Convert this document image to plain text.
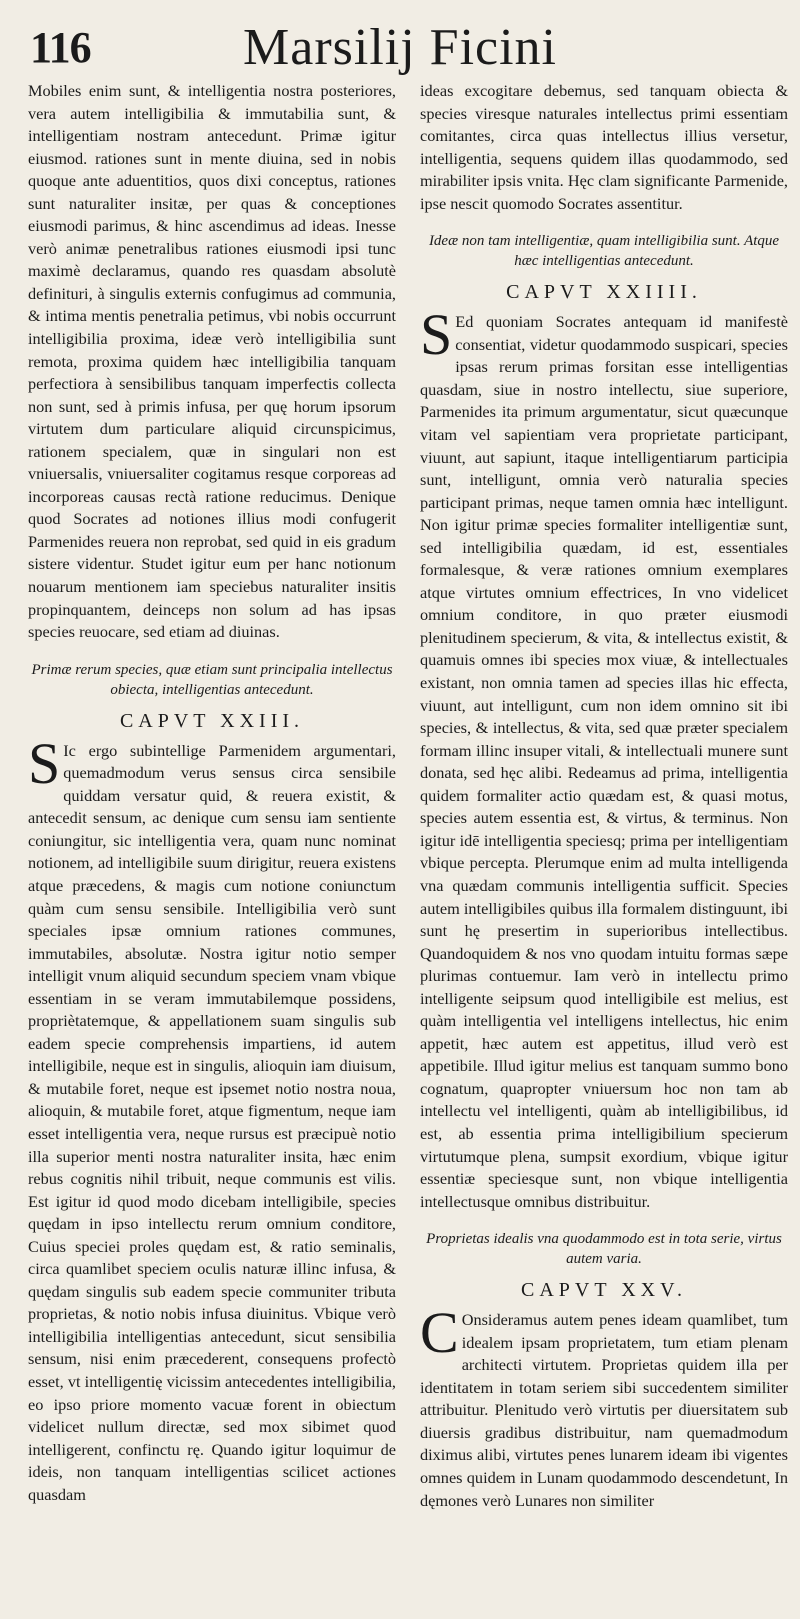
116	Marsilij Ficini

Mobiles enim sunt, & intelligentia nostra posteriores, vera autem intelligibilia & immutabilia sunt, & intelligentiam nostram antecedunt. Primæ igitur eiusmod. rationes sunt in mente diuina, sed in nobis quoque ante aduentitios, quos dixi conceptus, rationes sunt naturaliter insitæ, per quas & conceptiones eiusmodi parimus, & hinc ascendimus ad ideas. Inesse verò animæ penetralibus rationes eiusmodi ipsi tunc maximè declaramus, quando res quasdam absolutè definituri, à singulis externis confugimus ad communia, & intima mentis penetralia petimus, vbi nobis occurrunt intelligibilia proxima, ideæ verò intelligibilia sunt remota, proxima quidem hæc intelligibilia tanquam perfectiora à sensibilibus tanquam imperfectis collecta non sunt, sed à primis infusa, per quę horum ipsorum virtutem dum particulare aliquid circunspicimus, rationem specialem, quæ in singulari non est vniuersalis, vniuersaliter cogitamus resque corporeas ad incorporeas causas rectà ratione reducimus. Denique quod Socrates ad notiones illius modi confugerit Parmenides reuera non reprobat, sed quid in eis gradum sistere videntur. Studet igitur eum per hanc notionum nouarum mentionem iam speciebus naturaliter insitis propinquantem, deinceps non solum ad has ipsas species reuocare, sed etiam ad diuinas.

Primæ rerum species, quæ etiam sunt principalia intellectus obiecta, intelligentias antecedunt.
CAPVT XXIII.

S Ic ergo subintellige Parmenidem argumentari, quemadmodum verus sensus circa sensibile quiddam versatur quid, & reuera existit, & antecedit sensum, ac denique cum sensu iam sentiente coniungitur, sic intelligentia vera, quam nunc nominat notionem, ad intelligibile suum dirigitur, reuera existens atque præcedens, & magis cum notione coniunctum quàm cum sensu sensibile. Intelligibilia verò sunt speciales ipsæ omnium rationes communes, immutabiles, absolutæ. Nostra igitur notio semper intelligit vnum aliquid secundum speciem vnam vbique essentiam in se veram immutabilemque possidens, propriètatemque, & appellationem suam singulis sub eadem specie comprehensis impartiens, id autem intelligibile, neque est in singulis, alioquin iam diuisum, & mutabile foret, neque est ipsemet notio nostra noua, alioquin, & mutabile foret, atque figmentum, neque iam esset intelligentia vera, neque rursus est præcipuè notio illa superior menti nostra naturaliter insita, hæc enim rebus cognitis nihil tribuit, neque communis est vilis. Est igitur id quod modo dicebam intelligibile, species quędam in ipso intellectu rerum omnium conditore, Cuius speciei proles quędam est, & ratio seminalis, circa quamlibet speciem oculis naturæ illinc infusa, & quędam singulis sub eadem specie communiter tributa proprietas, & notio nobis infusa diuinitus. Vbique verò intelligibilia intelligentias antecedunt, sicut sensibilia sensum, nisi enim præcederent, consequens profectò esset, vt intelligentię vicissim antecedentes intelligibilia, eo ipso priore momento vacuæ forent in obiectum videlicet nullum directæ, sed mox sibimet quod intelligerent, confinctu rę. Quando igitur loquimur de ideis, non tanquam intelligentias scilicet actiones quasdam

ideas excogitare debemus, sed tanquam obiecta & species viresque naturales intellectus primi essentiam comitantes, circa quas intellectus illius versetur, intelligentia, sequens quidem illas quodammodo, sed mirabiliter ipsis vnita. Hęc clam significante Parmenide, ipse nescit quomodo Socrates assentitur.

Ideæ non tam intelligentiæ, quam intelligibilia sunt. Atque hæc intelligentias antecedunt.
CAPVT XXIIII.

S Ed quoniam Socrates antequam id manifestè consentiat, videtur quodammodo suspicari, species ipsas rerum primas forsitan esse intelligentias quasdam, siue in nostro intellectu, siue superiore, Parmenides ita primum argumentatur, sicut quæcunque vitam vel sapientiam vera proprietate participant, viuunt, aut sapiunt, itaque intelligentiarum participia sunt, intelligunt, omnia verò naturalia species participant primas, neque tamen omnia hæc intelligunt. Non igitur primæ species formaliter intelligentiæ sunt, sed intelligibilia quædam, id est, essentiales formalesque, & veræ rationes omnium exemplares atque virtutes omnium effectrices, In vno videlicet omnium conditore, in quo præter eiusmodi plenitudinem specierum, & vita, & intellectus existit, & quamuis omnes ibi species mox viuæ, & intellectuales existant, non omnia tamen ad species illas hic effecta, viuunt, aut intelligunt, cum non idem omnino sit ibi species, & intellectus, & vita, sed quæ præter specialem formam illinc insuper vitali, & intellectuali munere sunt donata, sed hęc alibi. Redeamus ad prima, intelligentia quidem formaliter actio quædam est, & quasi motus, species autem essentia est, & virtus, & terminus. Non igitur idē intelligentia speciesq; prima per intelligentiam vbique percepta. Plerumque enim ad multa intelligenda vna quædam communis intelligentia sufficit. Species autem intelligibiles quibus illa formalem distinguunt, ibi sunt hę presertim in superioribus intellectibus. Quandoquidem & nos vno quodam intuitu formas sæpe plurimas contuemur. Iam verò in intellectu primo intelligente seipsum quod intelligibile est melius, est quàm intelligentia vel intelligens intellectus, hic enim appetit, hæc autem est appetitus, illud verò est appetibile. Illud igitur melius est tanquam summo bono cognatum, quapropter vniuersum hoc non tam ab intellectu vel intelligenti, quàm ab intelligibilibus, id est, ab essentia prima intelligibilium specierum virtutumque plena, sumpsit exordium, vbique igitur essentiæ speciesque sunt, non vbique intelligentia intellectusque omnibus distribuitur.

Proprietas idealis vna quodammodo est in tota serie, virtus autem varia.
CAPVT XXV.

C Onsideramus autem penes ideam quamlibet, tum idealem ipsam proprietatem, tum etiam plenam architecti virtutem. Proprietas quidem illa per identitatem in totam seriem sibi succedentem similiter attribuitur. Plenitudo verò virtutis per diuersitatem sub diuersis gradibus distribuitur, nam quemadmodum diximus alibi, virtutes penes lunarem ideam ibi vigentes omnes quidem in Lunam quodammodo descendetunt, In dęmones verò Lunares non similiter
